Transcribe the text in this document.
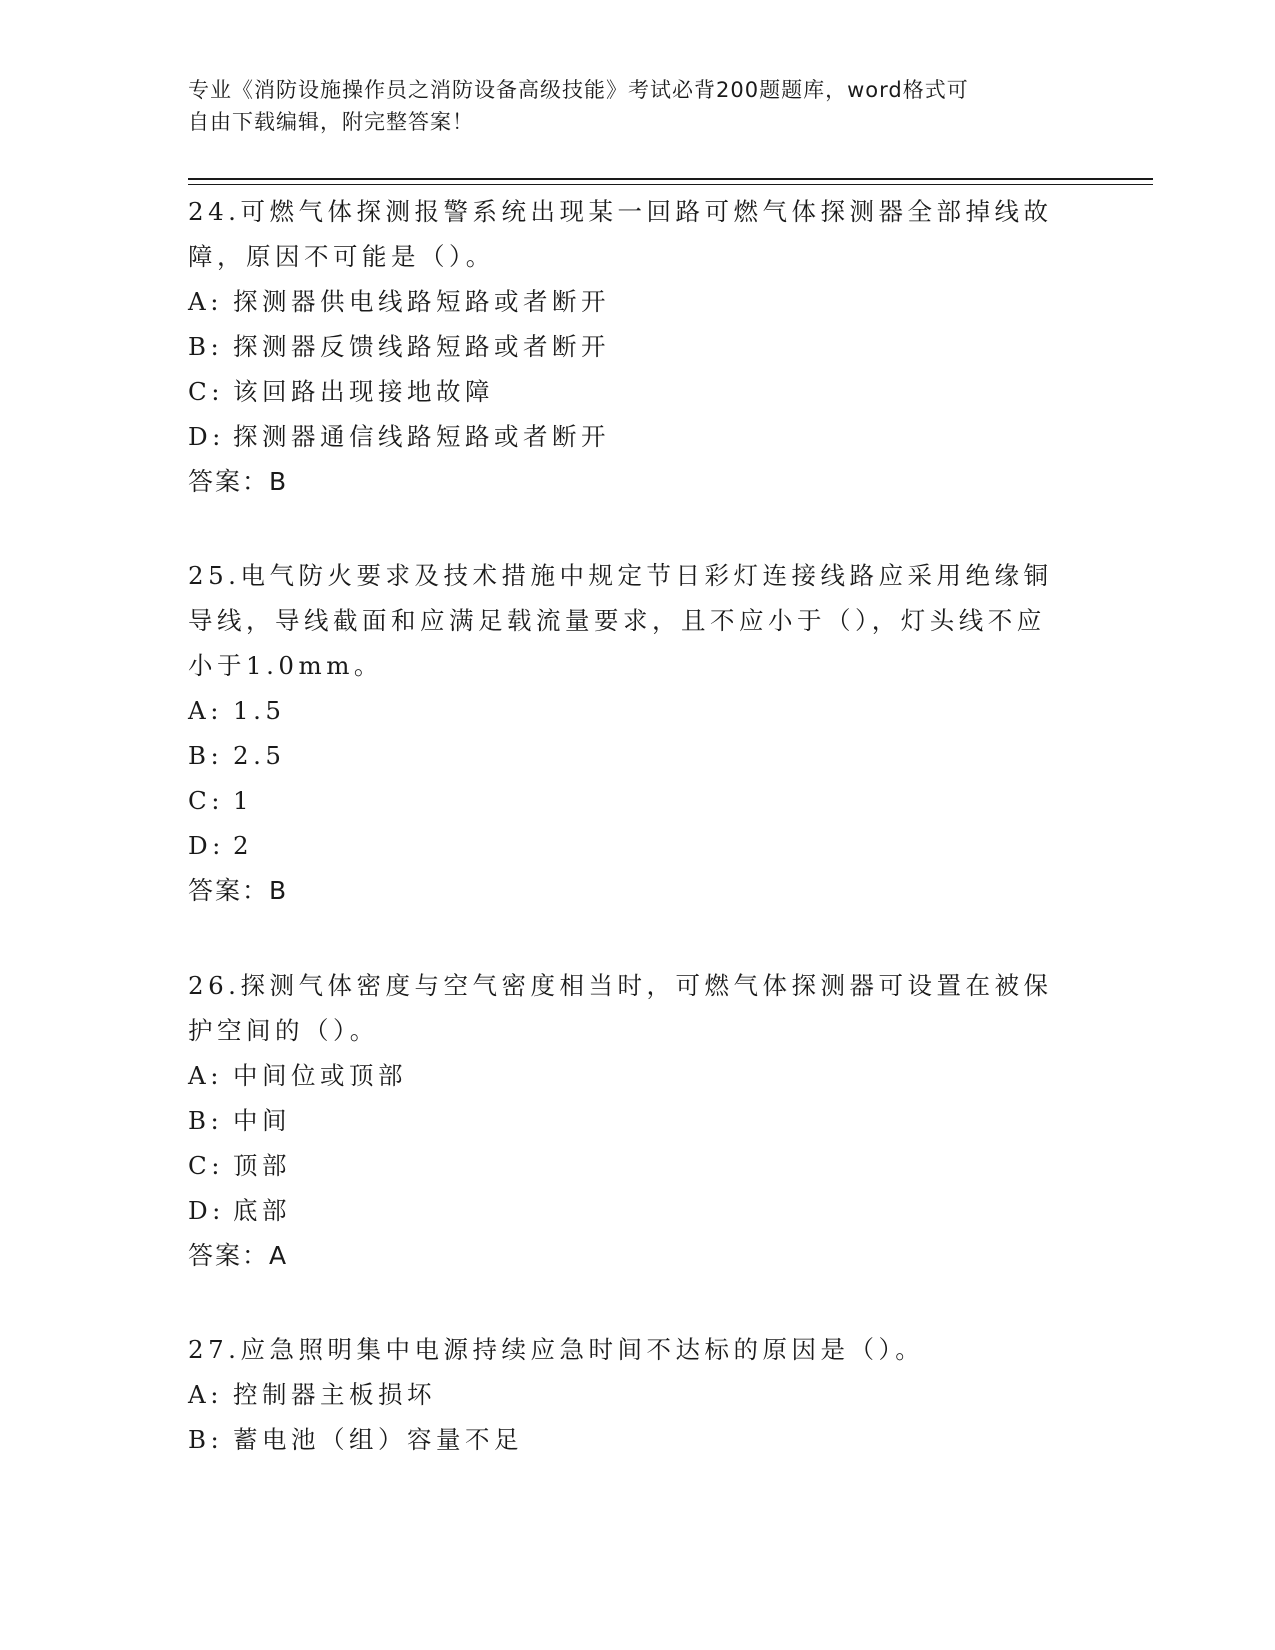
专业《消防设施操作员之消防设备高级技能》考试必背200题题库，word格式可
自由下载编辑，附完整答案！
24.可燃气体探测报警系统出现某一回路可燃气体探测器全部掉线故障，原因不可能是（）。
A: 探测器供电线路短路或者断开
B: 探测器反馈线路短路或者断开
C: 该回路出现接地故障
D: 探测器通信线路短路或者断开
答案：B
25.电气防火要求及技术措施中规定节日彩灯连接线路应采用绝缘铜导线，导线截面和应满足载流量要求，且不应小于（），灯头线不应小于1.0mm。
A: 1.5
B: 2.5
C: 1
D: 2
答案：B
26.探测气体密度与空气密度相当时，可燃气体探测器可设置在被保护空间的（）。
A: 中间位或顶部
B: 中间
C: 顶部
D: 底部
答案：A
27.应急照明集中电源持续应急时间不达标的原因是（）。
A: 控制器主板损坏
B: 蓄电池（组）容量不足
